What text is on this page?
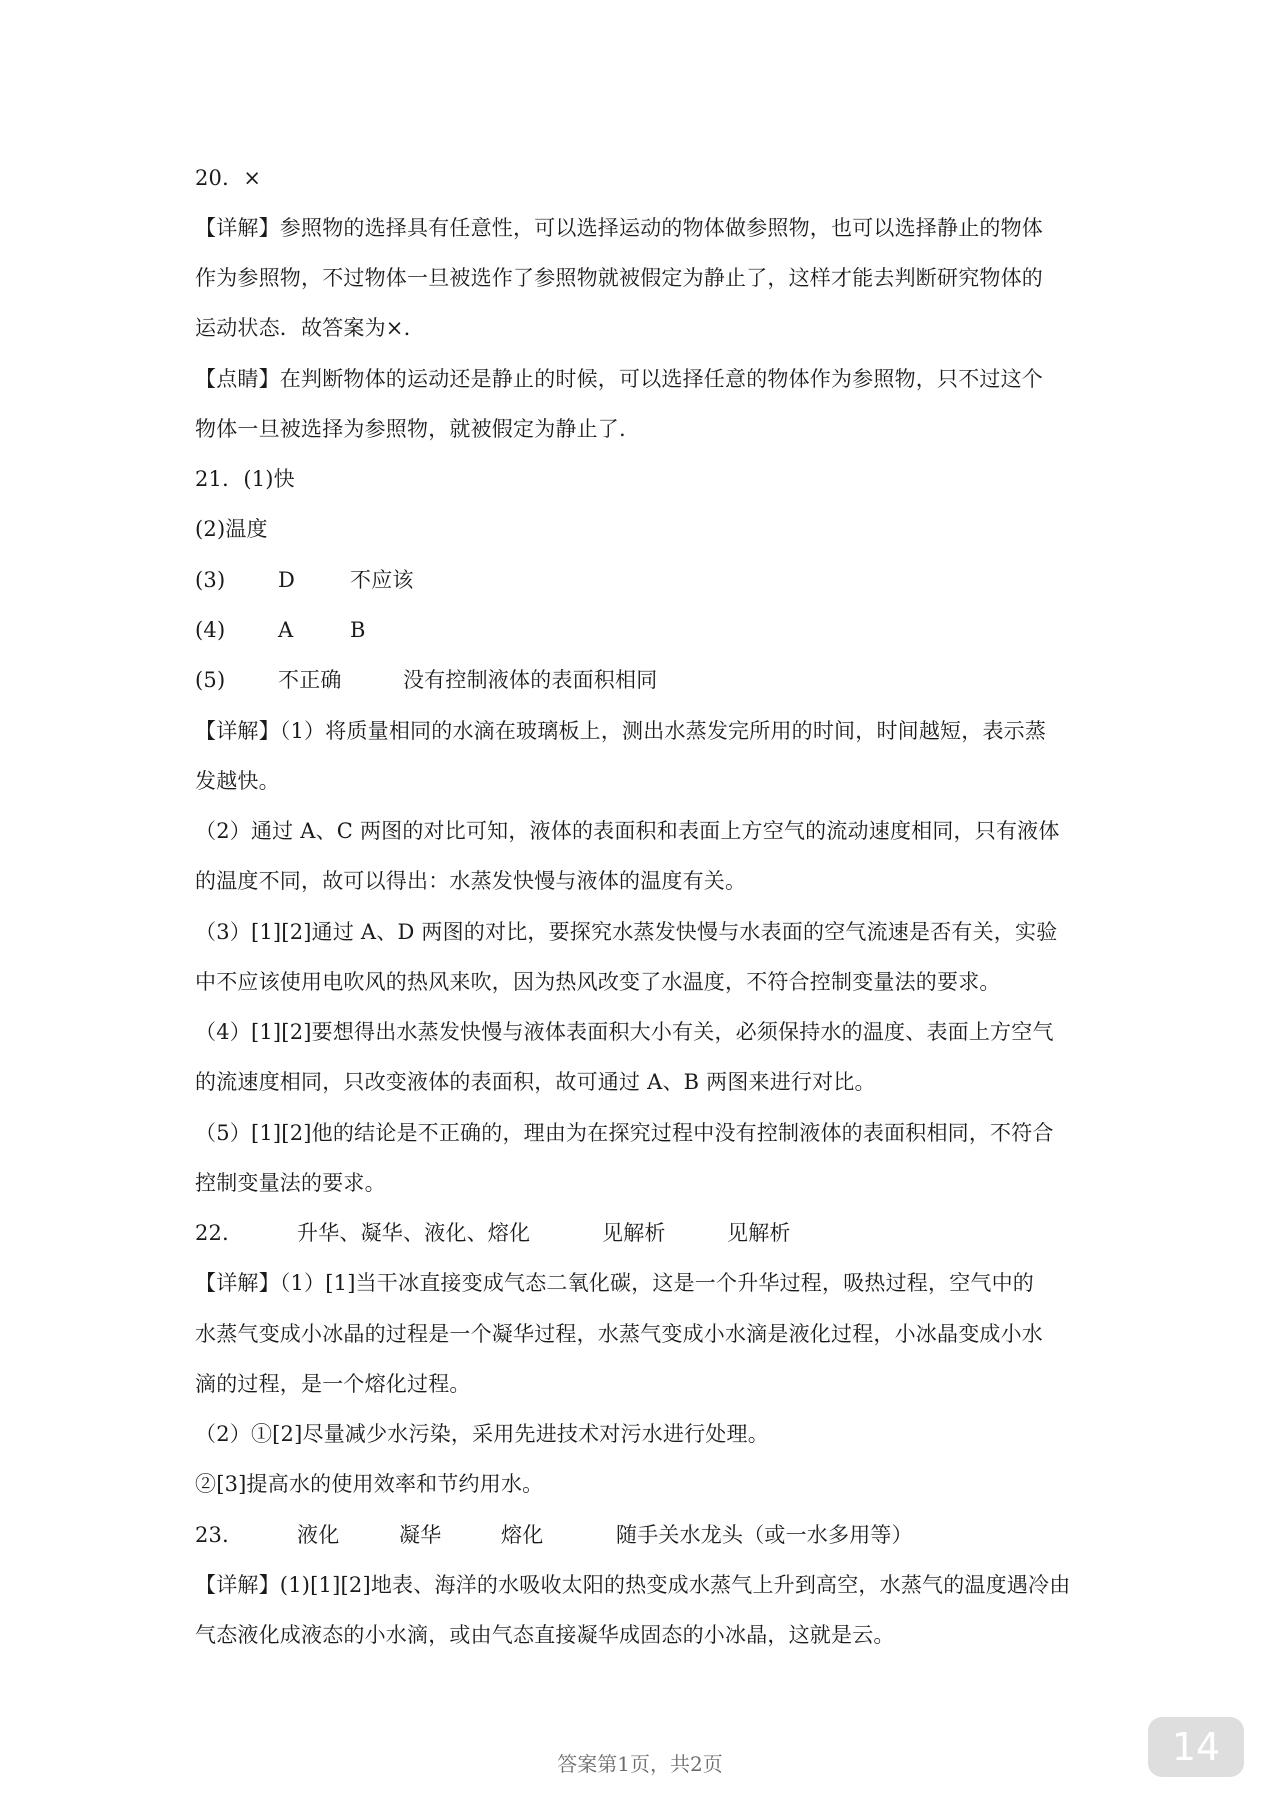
20．×
【详解】参照物的选择具有任意性，可以选择运动的物体做参照物，也可以选择静止的物体
作为参照物，不过物体一旦被选作了参照物就被假定为静止了，这样才能去判断研究物体的
运动状态．故答案为×.
【点睛】在判断物体的运动还是静止的时候，可以选择任意的物体作为参照物，只不过这个
物体一旦被选择为参照物，就被假定为静止了.
21．(1)快
(2)温度
(3)	D	不应该
(4)	A	B
(5)	不正确	没有控制液体的表面积相同
【详解】（1）将质量相同的水滴在玻璃板上，测出水蒸发完所用的时间，时间越短，表示蒸
发越快。
（2）通过 A、C 两图的对比可知，液体的表面积和表面上方空气的流动速度相同，只有液体
的温度不同，故可以得出：水蒸发快慢与液体的温度有关。
（3）[1][2]通过 A、D 两图的对比，要探究水蒸发快慢与水表面的空气流速是否有关，实验
中不应该使用电吹风的热风来吹，因为热风改变了水温度，不符合控制变量法的要求。
（4）[1][2]要想得出水蒸发快慢与液体表面积大小有关，必须保持水的温度、表面上方空气
的流速度相同，只改变液体的表面积，故可通过 A、B 两图来进行对比。
（5）[1][2]他的结论是不正确的，理由为在探究过程中没有控制液体的表面积相同，不符合
控制变量法的要求。
22．	升华、凝华、液化、熔化	见解析	见解析
【详解】（1）[1]当干冰直接变成气态二氧化碳，这是一个升华过程，吸热过程，空气中的
水蒸气变成小冰晶的过程是一个凝华过程，水蒸气变成小水滴是液化过程，小冰晶变成小水
滴的过程，是一个熔化过程。
（2）①[2]尽量减少水污染，采用先进技术对污水进行处理。
②[3]提高水的使用效率和节约用水。
23．	液化	凝华	熔化	随手关水龙头（或一水多用等）
【详解】(1)[1][2]地表、海洋的水吸收太阳的热变成水蒸气上升到高空，水蒸气的温度遇冷由
气态液化成液态的小水滴，或由气态直接凝华成固态的小冰晶，这就是云。
答案第1页，共2页	14
